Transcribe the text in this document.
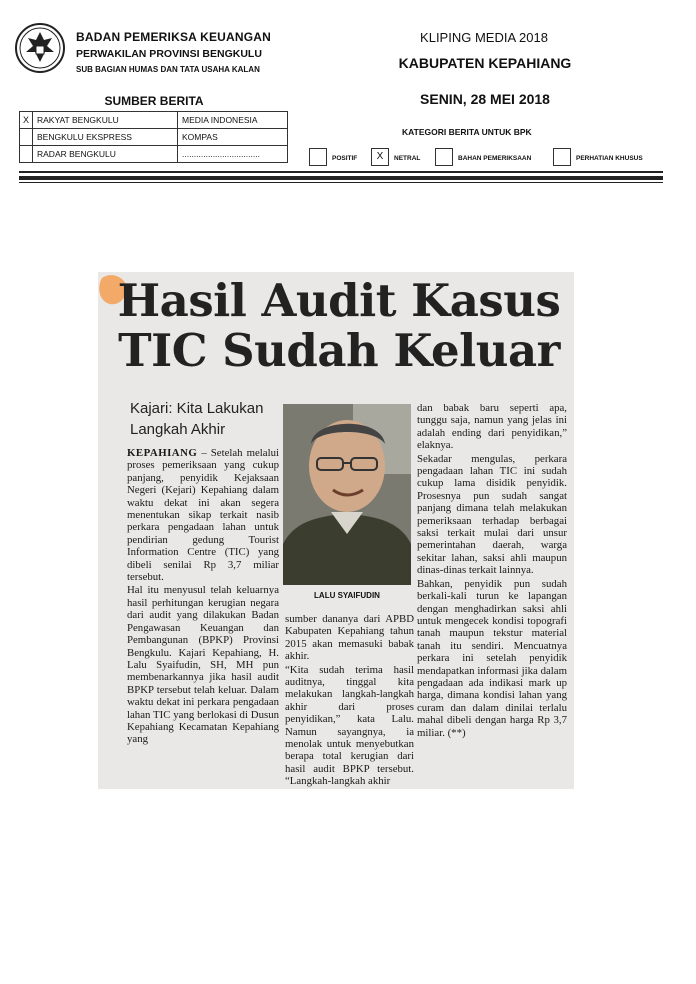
BADAN PEMERIKSA KEUANGAN
PERWAKILAN PROVINSI BENGKULU
SUB BAGIAN HUMAS DAN TATA USAHA KALAN
KLIPING MEDIA 2018
KABUPATEN KEPAHIANG
SENIN, 28 MEI 2018
SUMBER BERITA
X	RAKYAT BENGKULU	MEDIA INDONESIA
	BENGKULU EKSPRESS	KOMPAS
	RADAR BENGKULU	.................................
KATEGORI BERITA UNTUK BPK
POSITIF	X	NETRAL	BAHAN PEMERIKSAAN	PERHATIAN KHUSUS
Hasil Audit Kasus
TIC Sudah Keluar
Kajari: Kita Lakukan
Langkah Akhir
LALU SYAIFUDIN

KEPAHIANG – Setelah melalui proses pemeriksaan yang cukup panjang, penyidik Kejaksaan Negeri (Kejari) Kepahiang dalam waktu dekat ini akan segera menentukan sikap terkait nasib perkara pengadaan lahan untuk pendirian gedung Tourist Information Centre (TIC) yang dibeli senilai Rp 3,7 miliar tersebut.

Hal itu menyusul telah keluarnya hasil perhitungan kerugian negara dari audit yang dilakukan Badan Pengawasan Keuangan dan Pembangunan (BPKP) Provinsi Bengkulu. Kajari Kepahiang, H. Lalu Syaifudin, SH, MH pun membenarkannya jika hasil audit BPKP tersebut telah keluar. Dalam waktu dekat ini perkara pengadaan lahan TIC yang berlokasi di Dusun Kepahiang Kecamatan Kepahiang yang

sumber dananya dari APBD Kabupaten Kepahiang tahun 2015 akan memasuki babak akhir.

“Kita sudah terima hasil auditnya, tinggal kita melakukan langkah-langkah akhir dari proses penyidikan,” kata Lalu. Namun sayangnya, ia menolak untuk menyebutkan berapa total kerugian dari hasil audit BPKP tersebut. “Langkah-langkah akhir

dan babak baru seperti apa, tunggu saja, namun yang jelas ini adalah ending dari penyidikan,” elaknya.

Sekadar mengulas, perkara pengadaan lahan TIC ini sudah cukup lama disidik penyidik. Prosesnya pun sudah sangat panjang dimana telah melakukan pemeriksaan terhadap berbagai saksi terkait mulai dari unsur pemerintahan daerah, warga sekitar lahan, saksi ahli maupun dinas-dinas terkait lainnya.

Bahkan, penyidik pun sudah berkali-kali turun ke lapangan dengan menghadirkan saksi ahli untuk mengecek kondisi topografi tanah maupun tekstur material tanah itu sendiri. Mencuatnya perkara ini setelah penyidik mendapatkan informasi jika dalam pengadaan ada indikasi mark up harga, dimana kondisi lahan yang curam dan dalam dinilai terlalu mahal dibeli dengan harga Rp 3,7 miliar. (**)
